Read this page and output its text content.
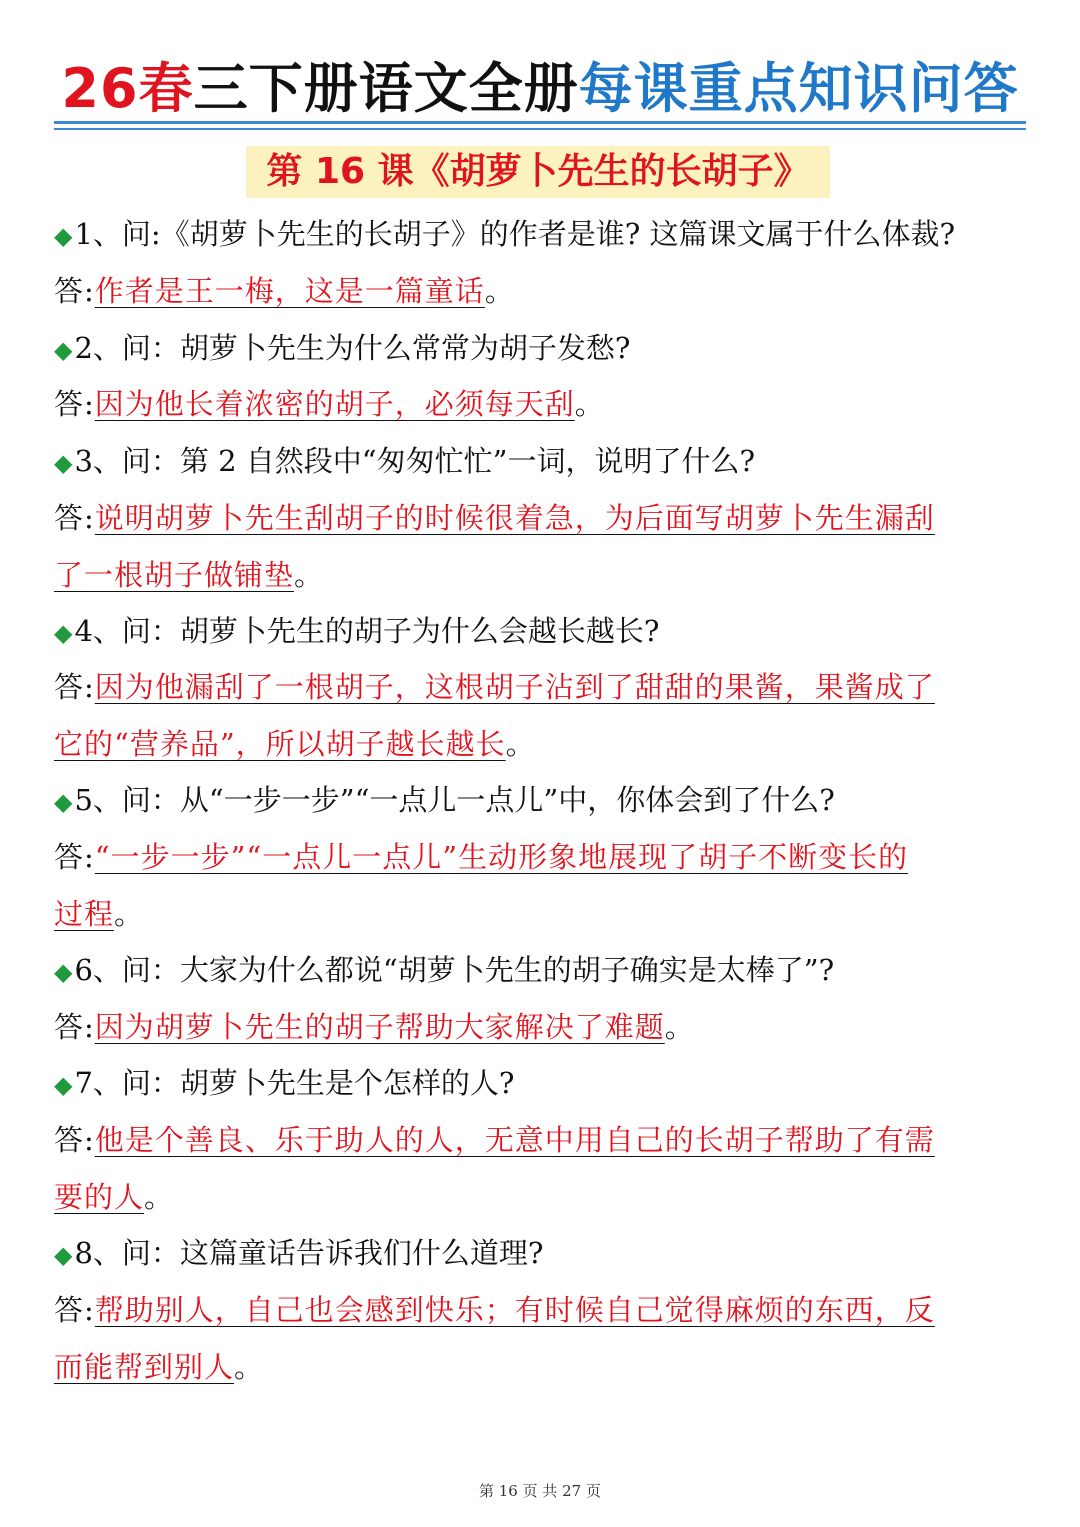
26春三下册语文全册每课重点知识问答
第 16 课《胡萝卜先生的长胡子》
◆1、问:《胡萝卜先生的长胡子》的作者是谁? 这篇课文属于什么体裁?
答:作者是王一梅，这是一篇童话。
◆2、问：胡萝卜先生为什么常常为胡子发愁?
答:因为他长着浓密的胡子，必须每天刮。
◆3、问：第 2 自然段中“匆匆忙忙”一词，说明了什么?
答:说明胡萝卜先生刮胡子的时候很着急，为后面写胡萝卜先生漏刮
了一根胡子做铺垫。
◆4、问：胡萝卜先生的胡子为什么会越长越长?
答:因为他漏刮了一根胡子，这根胡子沾到了甜甜的果酱，果酱成了
它的“营养品”，所以胡子越长越长。
◆5、问：从“一步一步”“一点儿一点儿”中，你体会到了什么?
答:“一步一步”“一点儿一点儿”生动形象地展现了胡子不断变长的
过程。
◆6、问：大家为什么都说“胡萝卜先生的胡子确实是太棒了”?
答:因为胡萝卜先生的胡子帮助大家解决了难题。
◆7、问：胡萝卜先生是个怎样的人?
答:他是个善良、乐于助人的人，无意中用自己的长胡子帮助了有需
要的人。
◆8、问：这篇童话告诉我们什么道理?
答:帮助别人，自己也会感到快乐；有时候自己觉得麻烦的东西，反
而能帮到别人。
第 16 页 共 27 页
